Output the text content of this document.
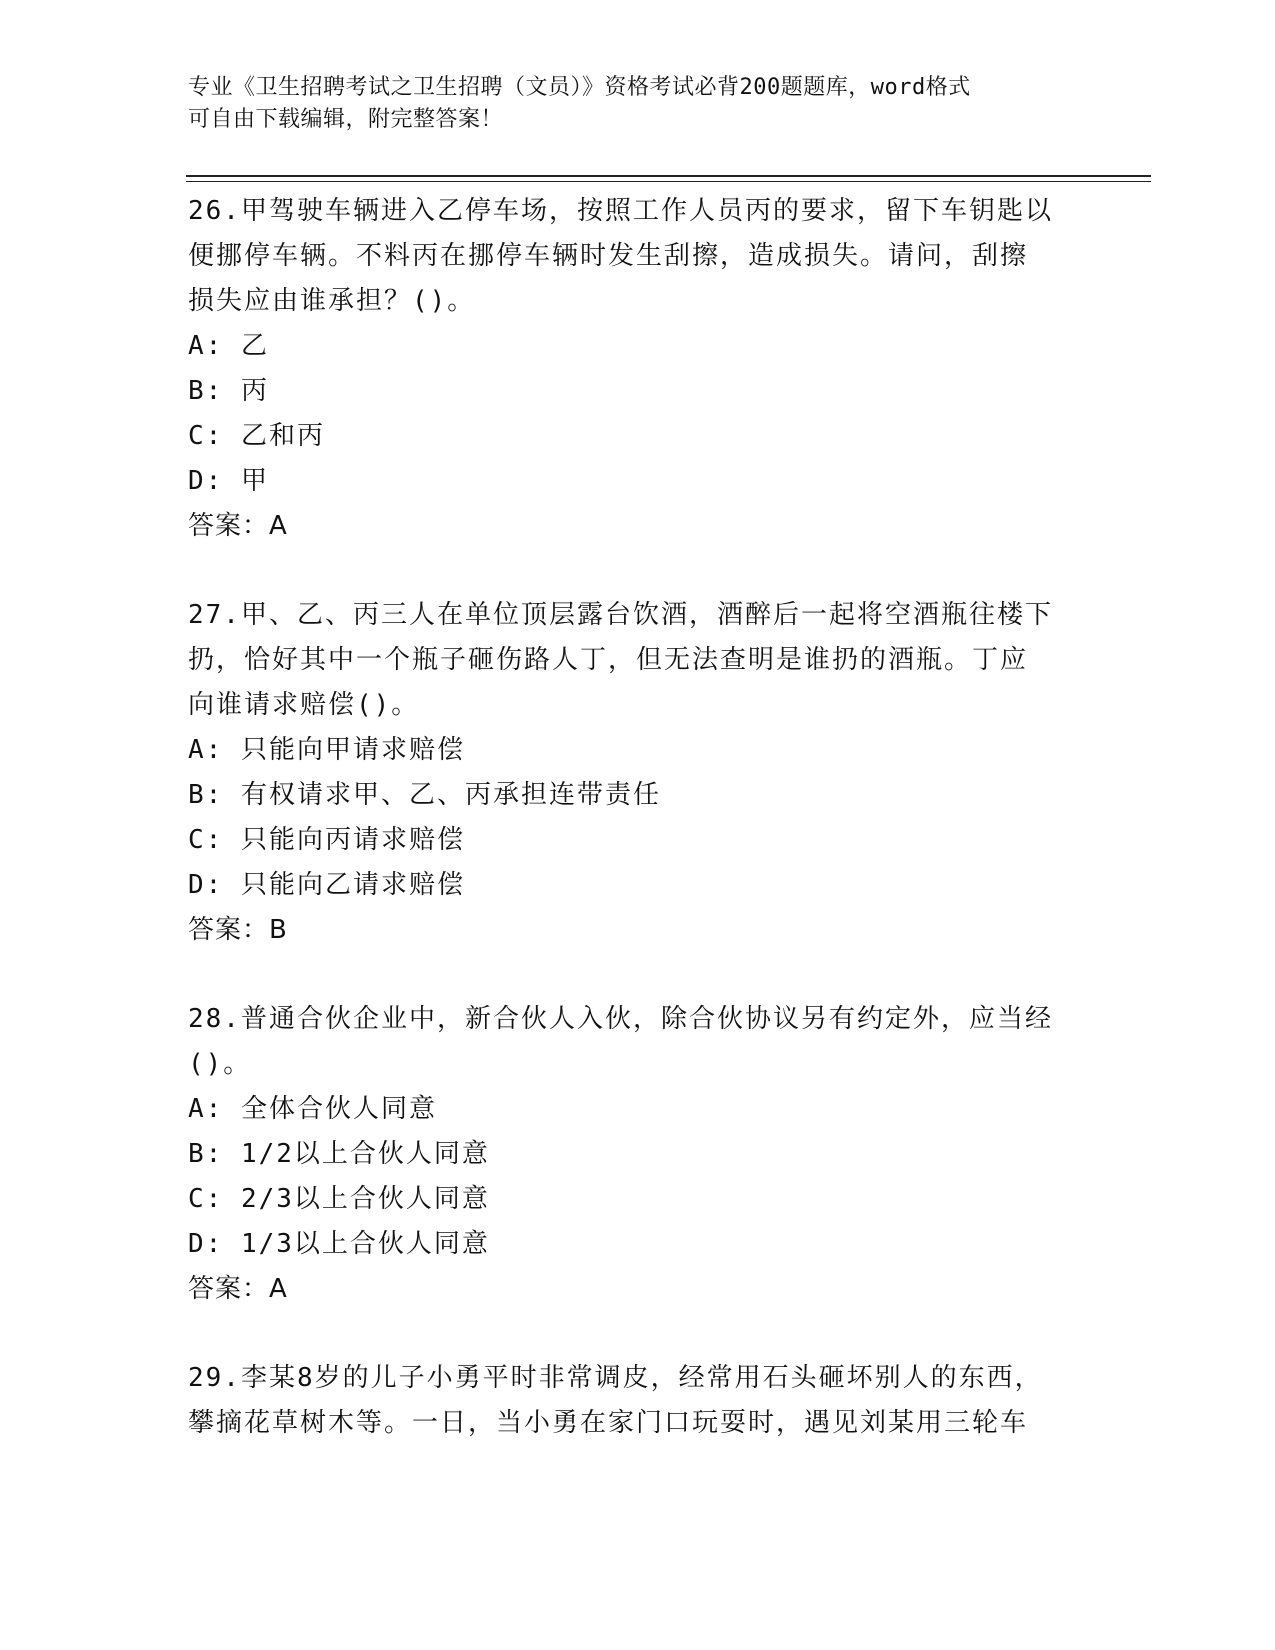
专业《卫生招聘考试之卫生招聘（文员）》资格考试必背200题题库，word格式
可自由下载编辑，附完整答案！
26.甲驾驶车辆进入乙停车场，按照工作人员丙的要求，留下车钥匙以
便挪停车辆。不料丙在挪停车辆时发生刮擦，造成损失。请问，刮擦
损失应由谁承担？()。
A: 乙
B: 丙
C: 乙和丙
D: 甲
答案：A
27.甲、乙、丙三人在单位顶层露台饮酒，酒醉后一起将空酒瓶往楼下
扔，恰好其中一个瓶子砸伤路人丁，但无法查明是谁扔的酒瓶。丁应
向谁请求赔偿()。
A: 只能向甲请求赔偿
B: 有权请求甲、乙、丙承担连带责任
C: 只能向丙请求赔偿
D: 只能向乙请求赔偿
答案：B
28.普通合伙企业中，新合伙人入伙，除合伙协议另有约定外，应当经
()。
A: 全体合伙人同意
B: 1/2以上合伙人同意
C: 2/3以上合伙人同意
D: 1/3以上合伙人同意
答案：A
29.李某8岁的儿子小勇平时非常调皮，经常用石头砸坏别人的东西，
攀摘花草树木等。一日，当小勇在家门口玩耍时，遇见刘某用三轮车
